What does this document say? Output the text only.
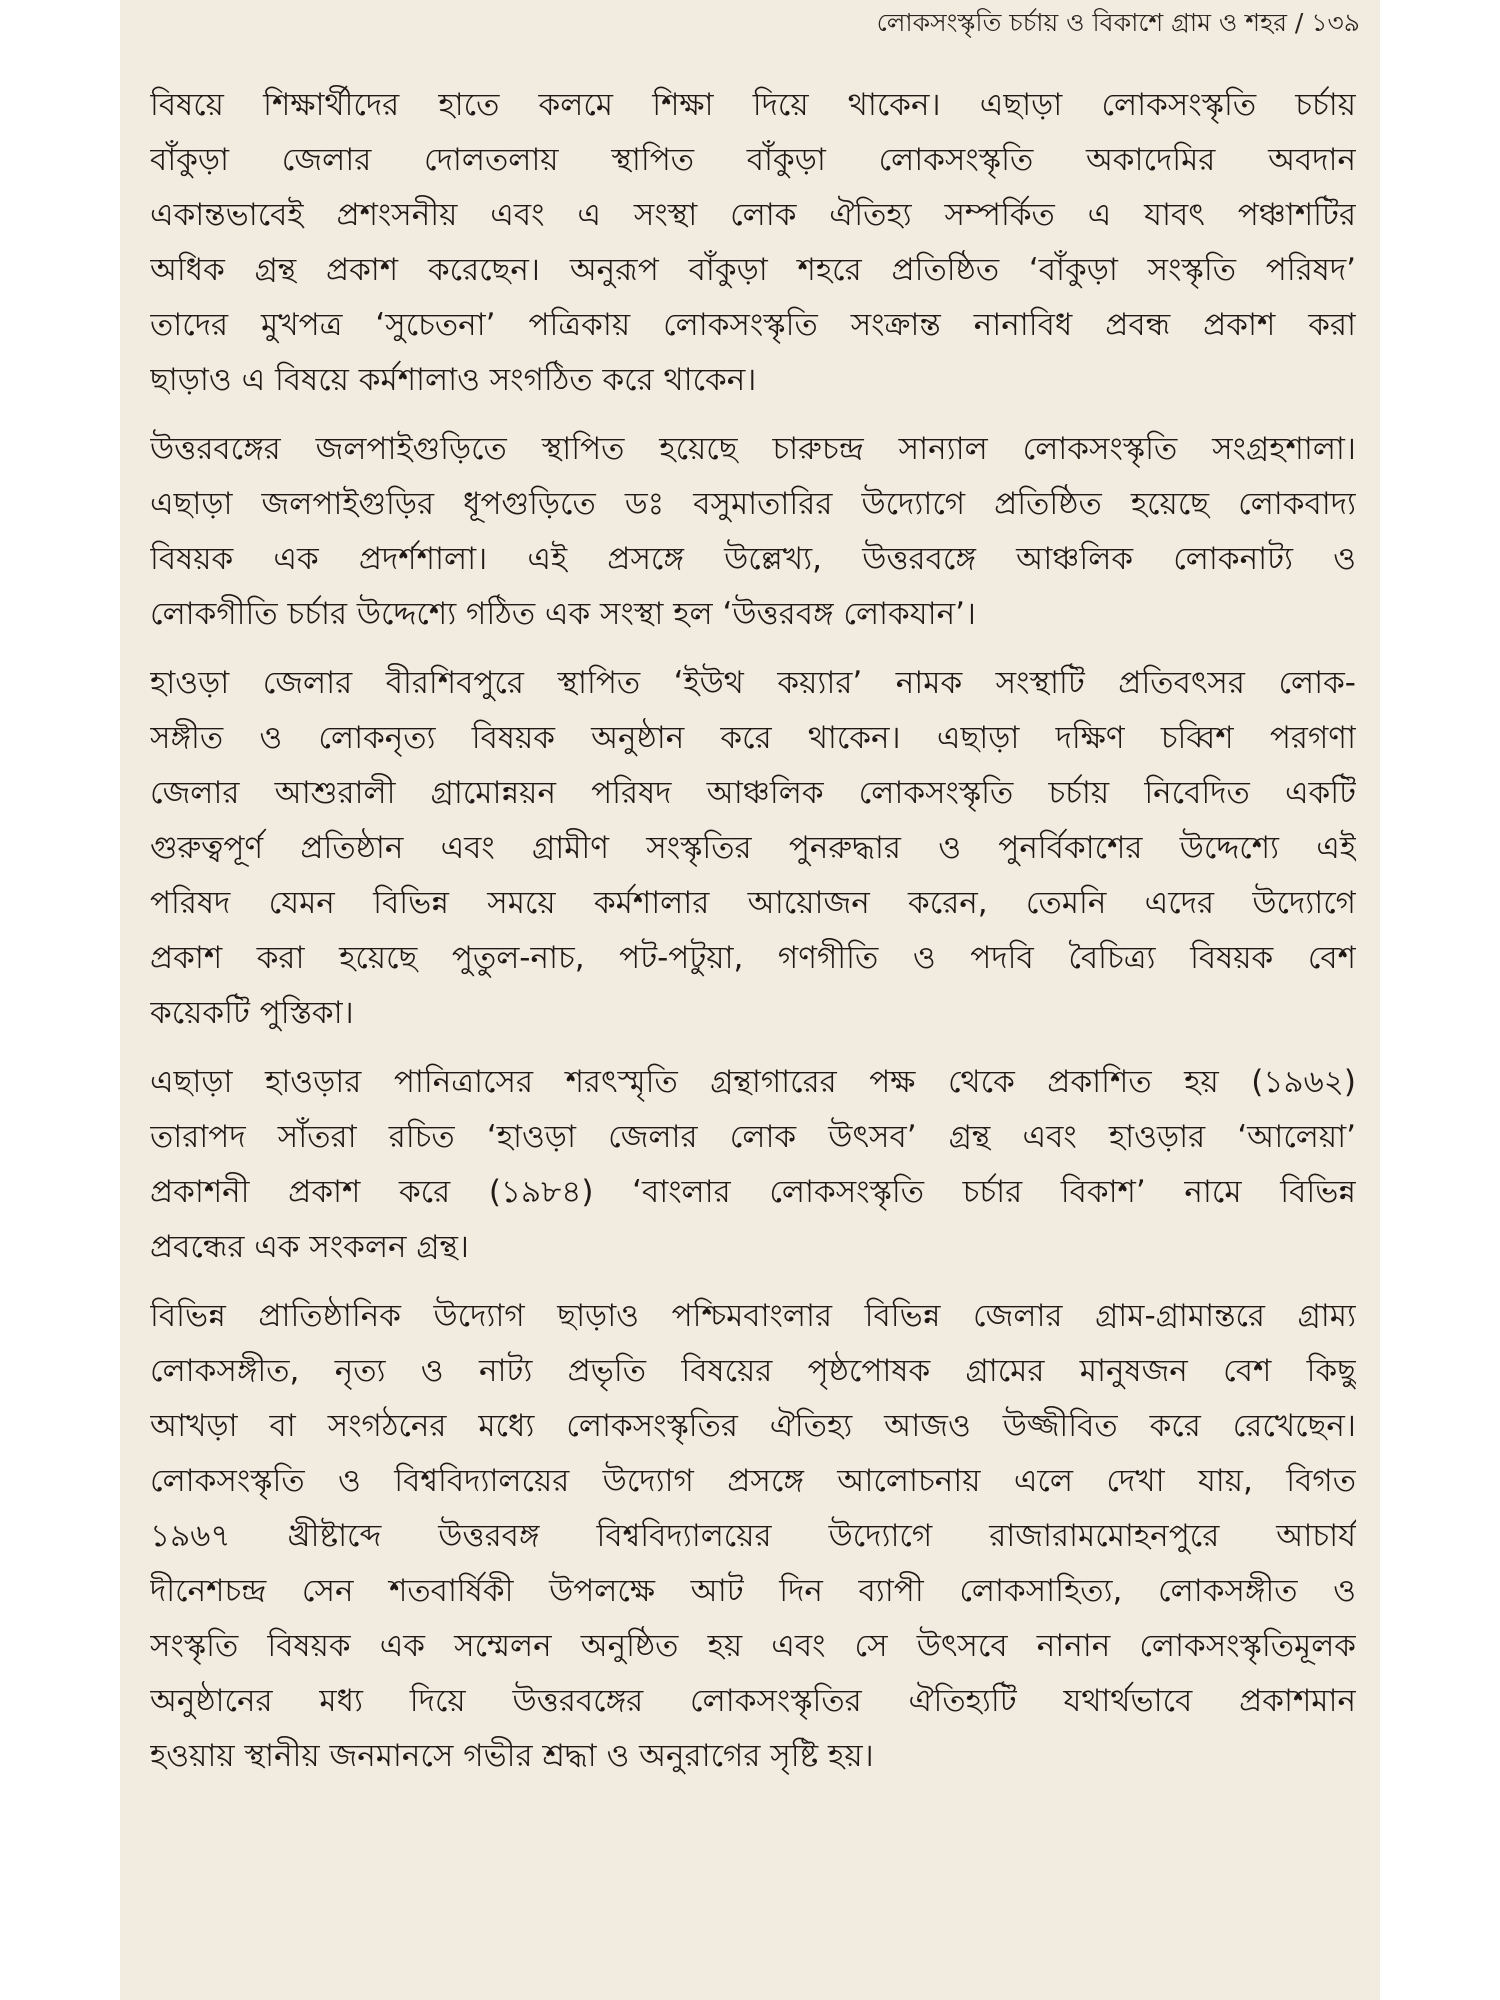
লোকসংস্কৃতি চর্চায় ও বিকাশে গ্রাম ও শহর / ১৩৯
বিষয়ে শিক্ষার্থীদের হাতে কলমে শিক্ষা দিয়ে থাকেন। এছাড়া লোকসংস্কৃতি চর্চায়
বাঁকুড়া জেলার দোলতলায় স্থাপিত বাঁকুড়া লোকসংস্কৃতি অকাদেমির অবদান
একান্তভাবেই প্রশংসনীয় এবং এ সংস্থা লোক ঐতিহ্য সম্পর্কিত এ যাবৎ পঞ্চাশটির
অধিক গ্রন্থ প্রকাশ করেছেন। অনুরূপ বাঁকুড়া শহরে প্রতিষ্ঠিত ‘বাঁকুড়া সংস্কৃতি পরিষদ’
তাদের মুখপত্র ‘সুচেতনা’ পত্রিকায় লোকসংস্কৃতি সংক্রান্ত নানাবিধ প্রবন্ধ প্রকাশ করা
ছাড়াও এ বিষয়ে কর্মশালাও সংগঠিত করে থাকেন।
উত্তরবঙ্গের জলপাইগুড়িতে স্থাপিত হয়েছে চারুচন্দ্র সান্যাল লোকসংস্কৃতি সংগ্রহশালা।
এছাড়া জলপাইগুড়ির ধূপগুড়িতে ডঃ বসুমাতারির উদ্যোগে প্রতিষ্ঠিত হয়েছে লোকবাদ্য
বিষয়ক এক প্রদর্শশালা। এই প্রসঙ্গে উল্লেখ্য, উত্তরবঙ্গে আঞ্চলিক লোকনাট্য ও
লোকগীতি চর্চার উদ্দেশ্যে গঠিত এক সংস্থা হল ‘উত্তরবঙ্গ লোকযান’।
হাওড়া জেলার বীরশিবপুরে স্থাপিত ‘ইউথ কয়্যার’ নামক সংস্থাটি প্রতিবৎসর লোক-
সঙ্গীত ও লোকনৃত্য বিষয়ক অনুষ্ঠান করে থাকেন। এছাড়া দক্ষিণ চব্বিশ পরগণা
জেলার আশুরালী গ্রামোন্নয়ন পরিষদ আঞ্চলিক লোকসংস্কৃতি চর্চায় নিবেদিত একটি
গুরুত্বপূর্ণ প্রতিষ্ঠান এবং গ্রামীণ সংস্কৃতির পুনরুদ্ধার ও পুনর্বিকাশের উদ্দেশ্যে এই
পরিষদ যেমন বিভিন্ন সময়ে কর্মশালার আয়োজন করেন, তেমনি এদের উদ্যোগে
প্রকাশ করা হয়েছে পুতুল-নাচ, পট-পটুয়া, গণগীতি ও পদবি বৈচিত্র্য বিষয়ক বেশ
কয়েকটি পুস্তিকা।
এছাড়া হাওড়ার পানিত্রাসের শরৎস্মৃতি গ্রন্থাগারের পক্ষ থেকে প্রকাশিত হয় (১৯৬২)
তারাপদ সাঁতরা রচিত ‘হাওড়া জেলার লোক উৎসব’ গ্রন্থ এবং হাওড়ার ‘আলেয়া’
প্রকাশনী প্রকাশ করে (১৯৮৪) ‘বাংলার লোকসংস্কৃতি চর্চার বিকাশ’ নামে বিভিন্ন
প্রবন্ধের এক সংকলন গ্রন্থ।
বিভিন্ন প্রাতিষ্ঠানিক উদ্যোগ ছাড়াও পশ্চিমবাংলার বিভিন্ন জেলার গ্রাম-গ্রামান্তরে গ্রাম্য
লোকসঙ্গীত, নৃত্য ও নাট্য প্রভৃতি বিষয়ের পৃষ্ঠপোষক গ্রামের মানুষজন বেশ কিছু
আখড়া বা সংগঠনের মধ্যে লোকসংস্কৃতির ঐতিহ্য আজও উজ্জীবিত করে রেখেছেন।
লোকসংস্কৃতি ও বিশ্ববিদ্যালয়ের উদ্যোগ প্রসঙ্গে আলোচনায় এলে দেখা যায়, বিগত
১৯৬৭ খ্রীষ্টাব্দে উত্তরবঙ্গ বিশ্ববিদ্যালয়ের উদ্যোগে রাজারামমোহনপুরে আচার্য
দীনেশচন্দ্র সেন শতবার্ষিকী উপলক্ষে আট দিন ব্যাপী লোকসাহিত্য, লোকসঙ্গীত ও
সংস্কৃতি বিষয়ক এক সম্মেলন অনুষ্ঠিত হয় এবং সে উৎসবে নানান লোকসংস্কৃতিমূলক
অনুষ্ঠানের মধ্য দিয়ে উত্তরবঙ্গের লোকসংস্কৃতির ঐতিহ্যটি যথার্থভাবে প্রকাশমান
হওয়ায় স্থানীয় জনমানসে গভীর শ্রদ্ধা ও অনুরাগের সৃষ্টি হয়।
